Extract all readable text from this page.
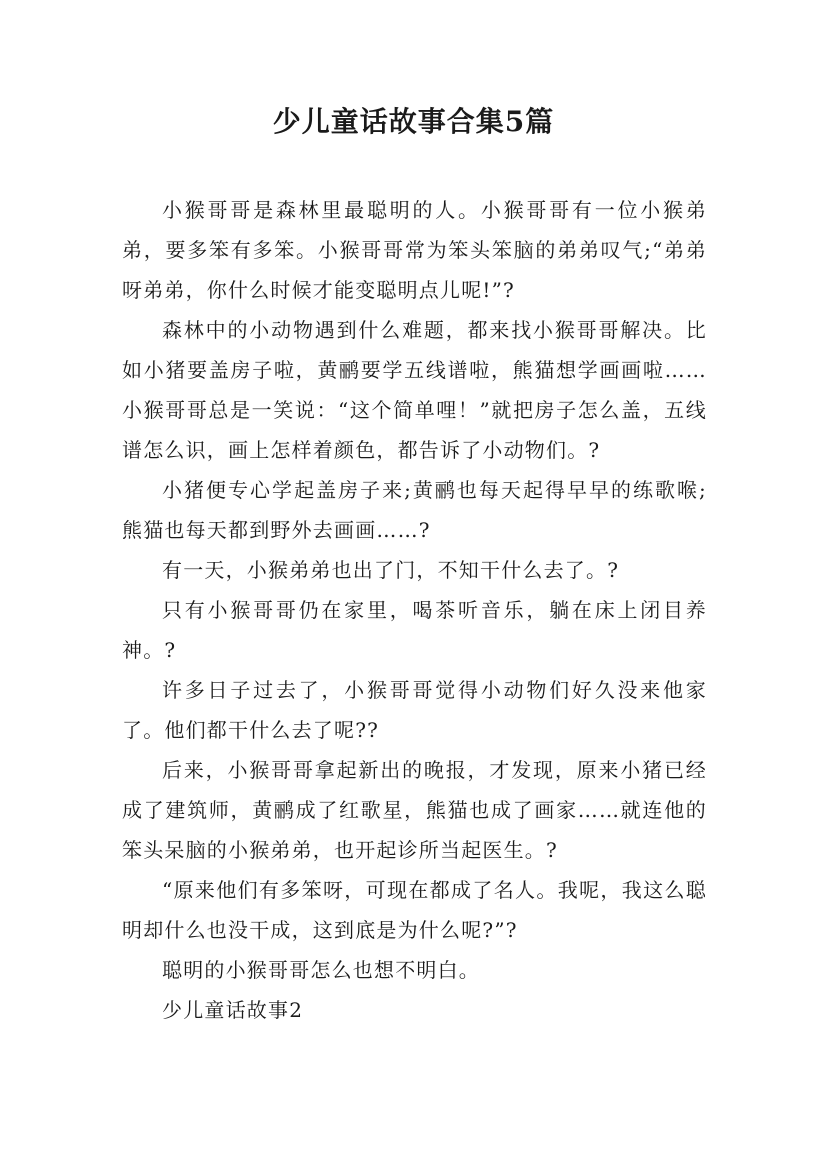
少儿童话故事合集5篇

小猴哥哥是森林里最聪明的人。小猴哥哥有一位小猴弟弟，要多笨有多笨。小猴哥哥常为笨头笨脑的弟弟叹气;“弟弟呀弟弟，你什么时候才能变聪明点儿呢!”?

森林中的小动物遇到什么难题，都来找小猴哥哥解决。比如小猪要盖房子啦，黄鹂要学五线谱啦，熊猫想学画画啦……小猴哥哥总是一笑说：“这个简单哩！”就把房子怎么盖，五线谱怎么识，画上怎样着颜色，都告诉了小动物们。?

小猪便专心学起盖房子来;黄鹂也每天起得早早的练歌喉;熊猫也每天都到野外去画画……?

有一天，小猴弟弟也出了门，不知干什么去了。?

只有小猴哥哥仍在家里，喝茶听音乐，躺在床上闭目养神。?

许多日子过去了，小猴哥哥觉得小动物们好久没来他家了。他们都干什么去了呢??

后来，小猴哥哥拿起新出的晚报，才发现，原来小猪已经成了建筑师，黄鹂成了红歌星，熊猫也成了画家……就连他的笨头呆脑的小猴弟弟，也开起诊所当起医生。?

“原来他们有多笨呀，可现在都成了名人。我呢，我这么聪明却什么也没干成，这到底是为什么呢?”?

聪明的小猴哥哥怎么也想不明白。

少儿童话故事2
